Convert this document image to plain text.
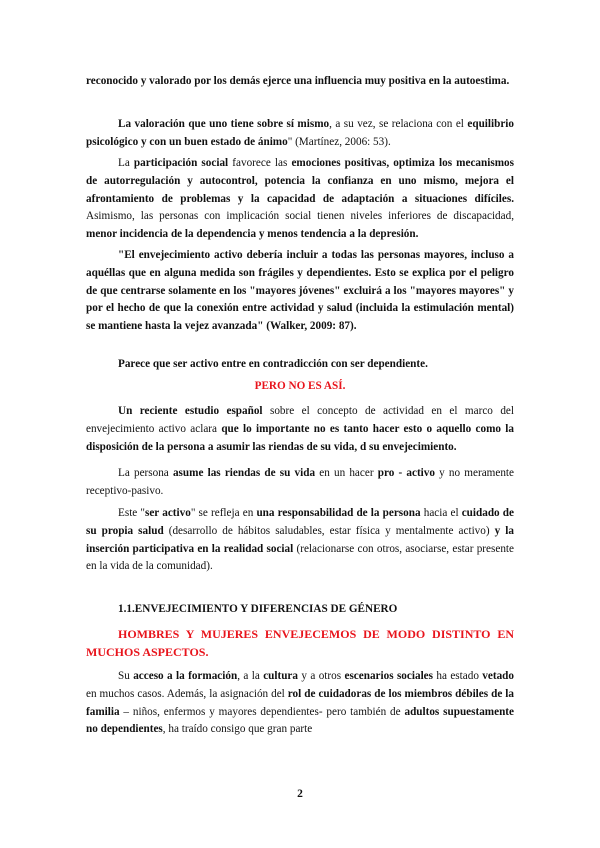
reconocido y valorado por los demás ejerce una influencia muy positiva en la autoestima.
La valoración que uno tiene sobre sí mismo, a su vez, se relaciona con el equilibrio psicológico y con un buen estado de ánimo" (Martínez, 2006: 53).
La participación social favorece las emociones positivas, optimiza los mecanismos de autorregulación y autocontrol, potencia la confianza en uno mismo, mejora el afrontamiento de problemas y la capacidad de adaptación a situaciones difíciles. Asimismo, las personas con implicación social tienen niveles inferiores de discapacidad, menor incidencia de la dependencia y menos tendencia a la depresión.
"El envejecimiento activo debería incluir a todas las personas mayores, incluso a aquéllas que en alguna medida son frágiles y dependientes. Esto se explica por el peligro de que centrarse solamente en los "mayores jóvenes" excluirá a los "mayores mayores" y por el hecho de que la conexión entre actividad y salud (incluida la estimulación mental) se mantiene hasta la vejez avanzada" (Walker, 2009: 87).
Parece que ser activo entre en contradicción con ser dependiente.
PERO NO ES ASÍ.
Un reciente estudio español sobre el concepto de actividad en el marco del envejecimiento activo aclara que lo importante no es tanto hacer esto o aquello como la disposición de la persona a asumir las riendas de su vida, d su envejecimiento.
La persona asume las riendas de su vida en un hacer pro - activo y no meramente receptivo-pasivo.
Este "ser activo" se refleja en una responsabilidad de la persona hacia el cuidado de su propia salud (desarrollo de hábitos saludables, estar física y mentalmente activo) y la inserción participativa en la realidad social (relacionarse con otros, asociarse, estar presente en la vida de la comunidad).
1.1.ENVEJECIMIENTO Y DIFERENCIAS DE GÉNERO
HOMBRES Y MUJERES ENVEJECEMOS DE MODO DISTINTO EN MUCHOS ASPECTOS.
Su acceso a la formación, a la cultura y a otros escenarios sociales ha estado vetado en muchos casos. Además, la asignación del rol de cuidadoras de los miembros débiles de la familia – niños, enfermos y mayores dependientes- pero también de adultos supuestamente no dependientes, ha traído consigo que gran parte
2
